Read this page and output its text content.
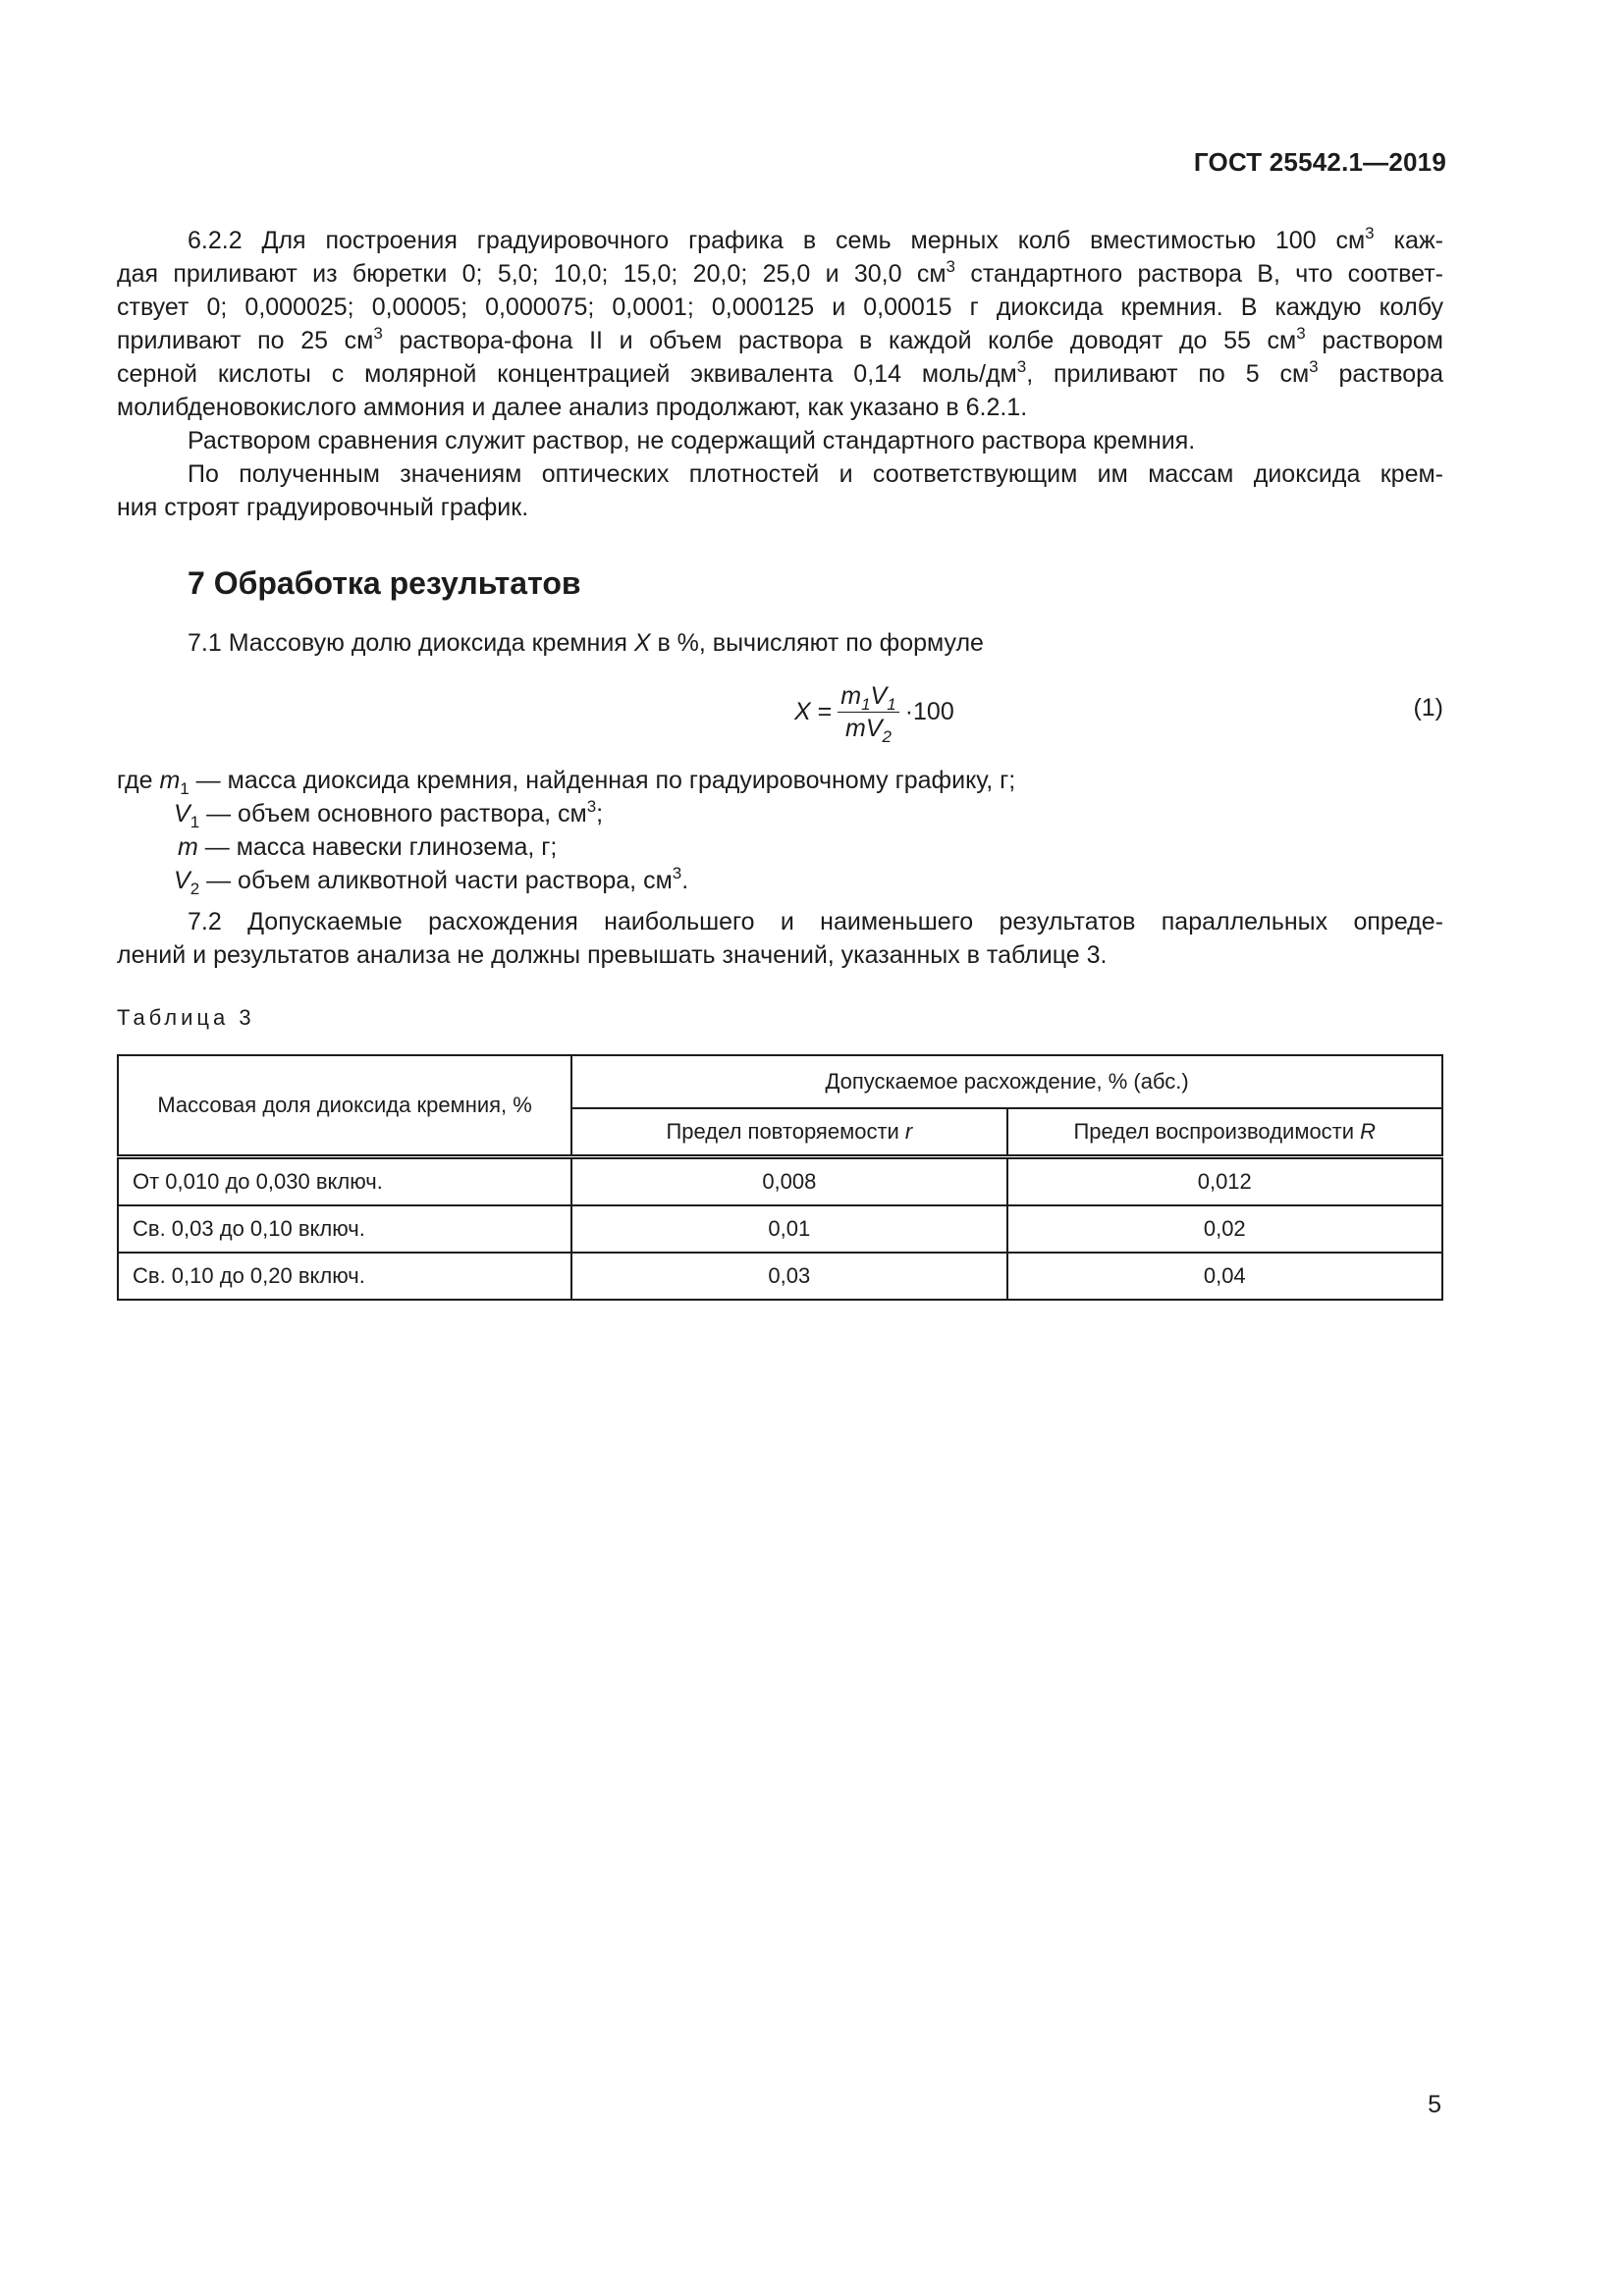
ГОСТ 25542.1—2019
6.2.2 Для построения градуировочного графика в семь мерных колб вместимостью 100 $см^3$ каж-
дая приливают из бюретки 0; 5,0; 10,0; 15,0; 20,0; 25,0 и 30,0 $см^3$ стандартного раствора В, что соответ-
ствует 0; 0,000025; 0,00005; 0,000075; 0,0001; 0,000125 и 0,00015 г диоксида кремния. В каждую колбу
приливают по 25 $см^3$ раствора-фона II и объем раствора в каждой колбе доводят до 55 $см^3$ раствором
серной кислоты с молярной концентрацией эквивалента 0,14 моль/$дм^3$, приливают по 5 $см^3$ раствора
молибденовокислого аммония и далее анализ продолжают, как указано в 6.2.1.
Раствором сравнения служит раствор, не содержащий стандартного раствора кремния.
По полученным значениям оптических плотностей и соответствующим им массам диоксида крем-
ния строят градуировочный график.
7 Обработка результатов
7.1 Массовую долю диоксида кремния X в %, вычисляют по формуле
X
= $\frac{m_1V_1}{mV_2} \cdot 100$	(1)
где $m_1$ — масса диоксида кремния, найденная по градуировочному графику, г;
$V_1$ — объем основного раствора, $см^3$;
m — масса навески глинозема, г;
$V_2$ — объем аликвотной части раствора, $см^3$.
7.2 Допускаемые расхождения наибольшего и наименьшего результатов параллельных опреде-
лений и результатов анализа не должны превышать значений, указанных в таблице 3.
Таблица 3
Массовая доля диоксида кремния, %	Допускаемое расхождение, % (абс.)	
	Предел повторяемости r	Предел воспроизводимости R
От 0,010 до 0,030 включ.	0,008	0,012
Св. 0,03 до 0,10 включ.	0,01	0,02
Св. 0,10 до 0,20 включ.	0,03	0,04
5
